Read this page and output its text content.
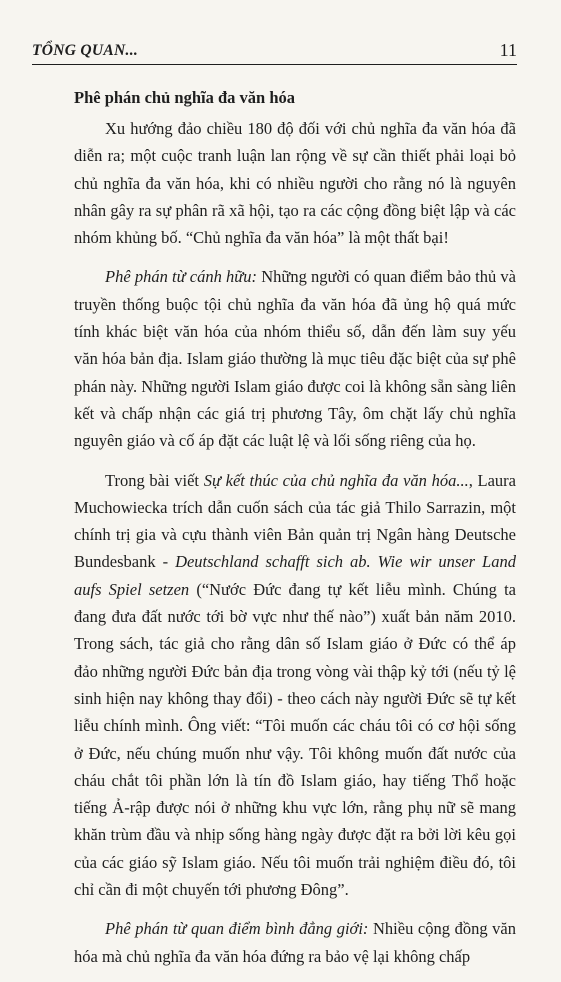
TỔNG QUAN...	11
Phê phán chủ nghĩa đa văn hóa

Xu hướng đảo chiều 180 độ đối với chủ nghĩa đa văn hóa đã diễn ra; một cuộc tranh luận lan rộng về sự cần thiết phải loại bỏ chủ nghĩa đa văn hóa, khi có nhiều người cho rằng nó là nguyên nhân gây ra sự phân rã xã hội, tạo ra các cộng đồng biệt lập và các nhóm khủng bố. “Chủ nghĩa đa văn hóa” là một thất bại!

Phê phán từ cánh hữu: Những người có quan điểm bảo thủ và truyền thống buộc tội chủ nghĩa đa văn hóa đã ủng hộ quá mức tính khác biệt văn hóa của nhóm thiểu số, dẫn đến làm suy yếu văn hóa bản địa. Islam giáo thường là mục tiêu đặc biệt của sự phê phán này. Những người Islam giáo được coi là không sẵn sàng liên kết và chấp nhận các giá trị phương Tây, ôm chặt lấy chủ nghĩa nguyên giáo và cố áp đặt các luật lệ và lối sống riêng của họ.

Trong bài viết Sự kết thúc của chủ nghĩa đa văn hóa..., Laura Muchowiecka trích dẫn cuốn sách của tác giả Thilo Sarrazin, một chính trị gia và cựu thành viên Bản quản trị Ngân hàng Deutsche Bundesbank - Deutschland schafft sich ab. Wie wir unser Land aufs Spiel setzen (“Nước Đức đang tự kết liễu mình. Chúng ta đang đưa đất nước tới bờ vực như thế nào”) xuất bản năm 2010. Trong sách, tác giả cho rằng dân số Islam giáo ở Đức có thể áp đảo những người Đức bản địa trong vòng vài thập kỷ tới (nếu tỷ lệ sinh hiện nay không thay đổi) - theo cách này người Đức sẽ tự kết liễu chính mình. Ông viết: “Tôi muốn các cháu tôi có cơ hội sống ở Đức, nếu chúng muốn như vậy. Tôi không muốn đất nước của cháu chắt tôi phần lớn là tín đồ Islam giáo, hay tiếng Thổ hoặc tiếng Ả-rập được nói ở những khu vực lớn, rằng phụ nữ sẽ mang khăn trùm đầu và nhịp sống hàng ngày được đặt ra bởi lời kêu gọi của các giáo sỹ Islam giáo. Nếu tôi muốn trải nghiệm điều đó, tôi chỉ cần đi một chuyến tới phương Đông”.

Phê phán từ quan điểm bình đẳng giới: Nhiều cộng đồng văn hóa mà chủ nghĩa đa văn hóa đứng ra bảo vệ lại không chấp
